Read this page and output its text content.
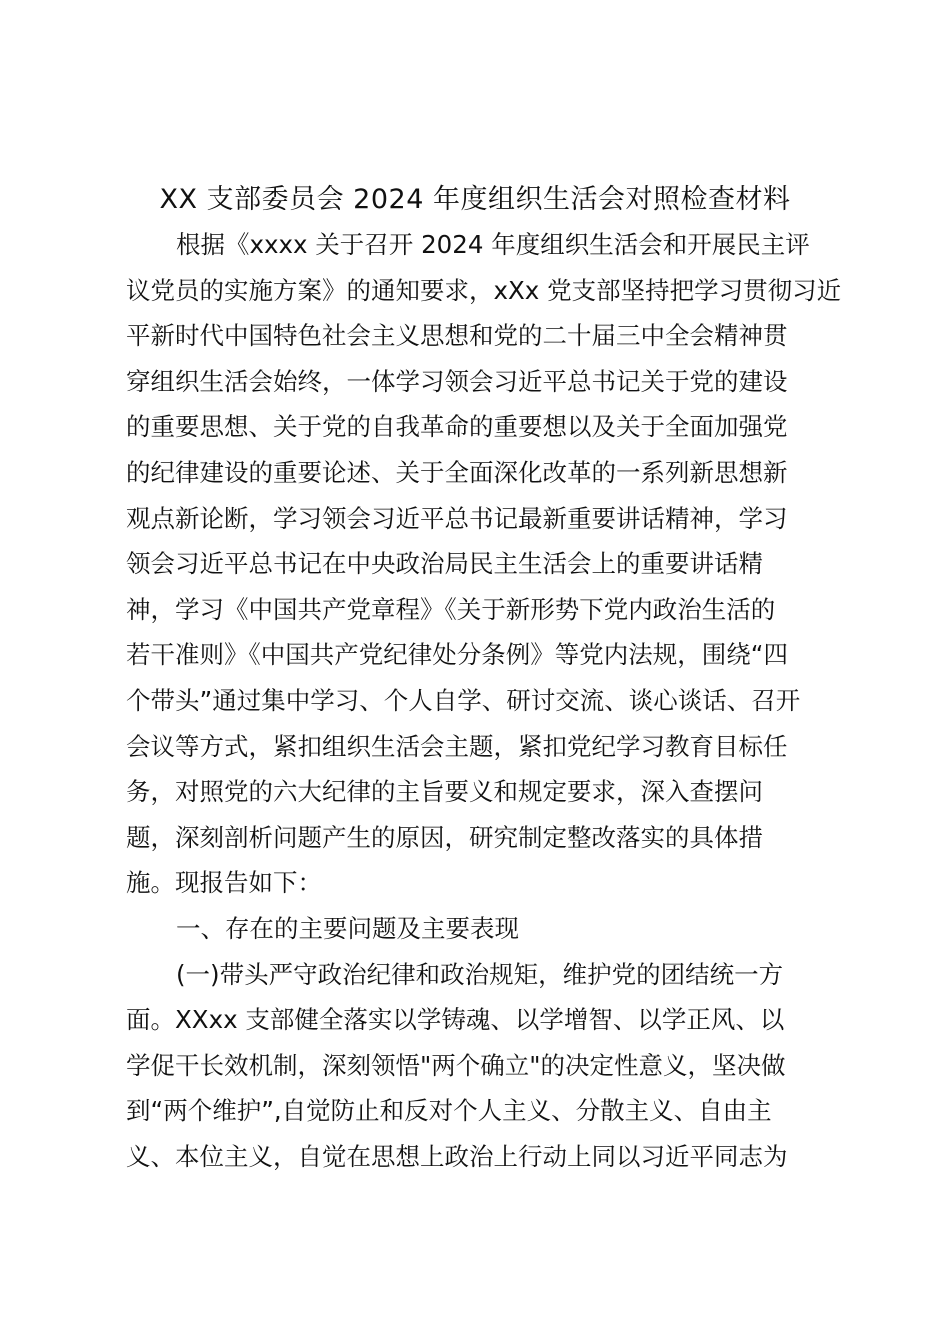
XX 支部委员会 2024 年度组织生活会对照检查材料
根据《xxxx 关于召开 2024 年度组织生活会和开展民主评
议党员的实施方案》的通知要求，xXx 党支部坚持把学习贯彻习近
平新时代中国特色社会主义思想和党的二十届三中全会精神贯
穿组织生活会始终，一体学习领会习近平总书记关于党的建设
的重要思想、关于党的自我革命的重要想以及关于全面加强党
的纪律建设的重要论述、关于全面深化改革的一系列新思想新
观点新论断，学习领会习近平总书记最新重要讲话精神，学习
领会习近平总书记在中央政治局民主生活会上的重要讲话精
神，学习《中国共产党章程》《关于新形势下党内政治生活的
若干准则》《中国共产党纪律处分条例》等党内法规，围绕“四
个带头”通过集中学习、个人自学、研讨交流、谈心谈话、召开
会议等方式，紧扣组织生活会主题，紧扣党纪学习教育目标任
务，对照党的六大纪律的主旨要义和规定要求，深入查摆问
题，深刻剖析问题产生的原因，研究制定整改落实的具体措
施。现报告如下：
一、存在的主要问题及主要表现
(一)带头严守政治纪律和政治规矩，维护党的团结统一方
面。XXxx 支部健全落实以学铸魂、以学增智、以学正风、以
学促干长效机制，深刻领悟"两个确立"的决定性意义，坚决做
到“两个维护”,自觉防止和反对个人主义、分散主义、自由主
义、本位主义，自觉在思想上政治上行动上同以习近平同志为
